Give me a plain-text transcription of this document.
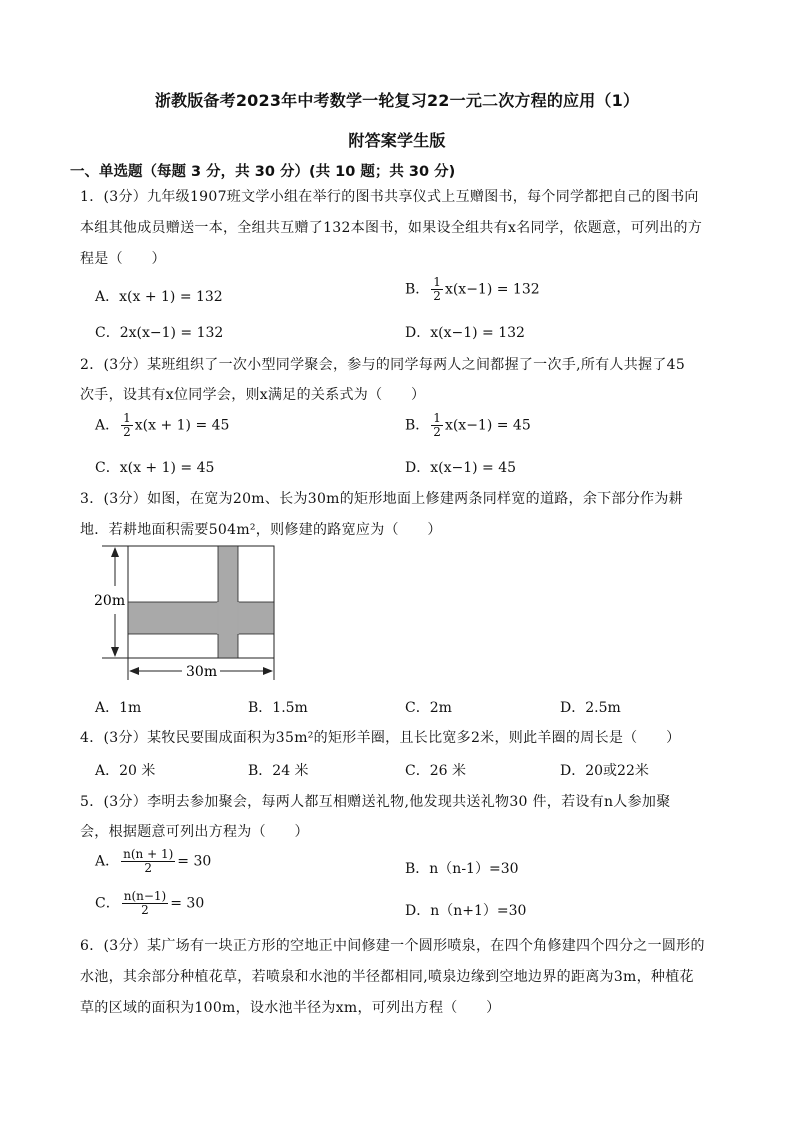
浙教版备考2023年中考数学一轮复习22一元二次方程的应用（1）
附答案学生版
一、单选题（每题 3 分，共 30 分）(共 10 题；共 30 分)
1．(3分）九年级1907班文学小组在举行的图书共享仪式上互赠图书，每个同学都把自己的图书向
本组其他成员赠送一本，全组共互赠了132本图书，如果设全组共有x名同学，依题意，可列出的方
程是（　　）
A．x(x + 1) = 132	B． $\frac{1}{2} x(x-1) = 132$
C．2x(x−1) = 132	D．x(x−1) = 132
2．(3分）某班组织了一次小型同学聚会，参与的同学每两人之间都握了一次手,所有人共握了45
次手，设其有x位同学会，则x满足的关系式为（　　）
A． $\frac{1}{2} x(x + 1) = 45$	B． $\frac{1}{2} x(x-1) = 45$
C．x(x + 1) = 45	D．x(x−1) = 45
3．(3分）如图，在宽为20m、长为30m的矩形地面上修建两条同样宽的道路，余下部分作为耕
地．若耕地面积需要504m²，则修建的路宽应为（　　）
20m
30m
A．1m	B．1.5m	C．2m	D．2.5m
4．(3分）某牧民要围成面积为35m²的矩形羊圈，且长比宽多2米，则此羊圈的周长是（　　）
A．20 米	B．24 米	C．26 米	D．20或22米
5．(3分）李明去参加聚会，每两人都互相赠送礼物,他发现共送礼物30 件，若设有n人参加聚
会，根据题意可列出方程为（　　）
A． $\frac{n(n + 1)}{2} = 30$	B．n（n-1）=30
C． $\frac{n(n-1)}{2} = 30$	D．n（n+1）=30
6．(3分）某广场有一块正方形的空地正中间修建一个圆形喷泉，在四个角修建四个四分之一圆形的
水池，其余部分种植花草，若喷泉和水池的半径都相同,喷泉边缘到空地边界的距离为3m，种植花
草的区域的面积为100m，设水池半径为xm，可列出方程（　　）
